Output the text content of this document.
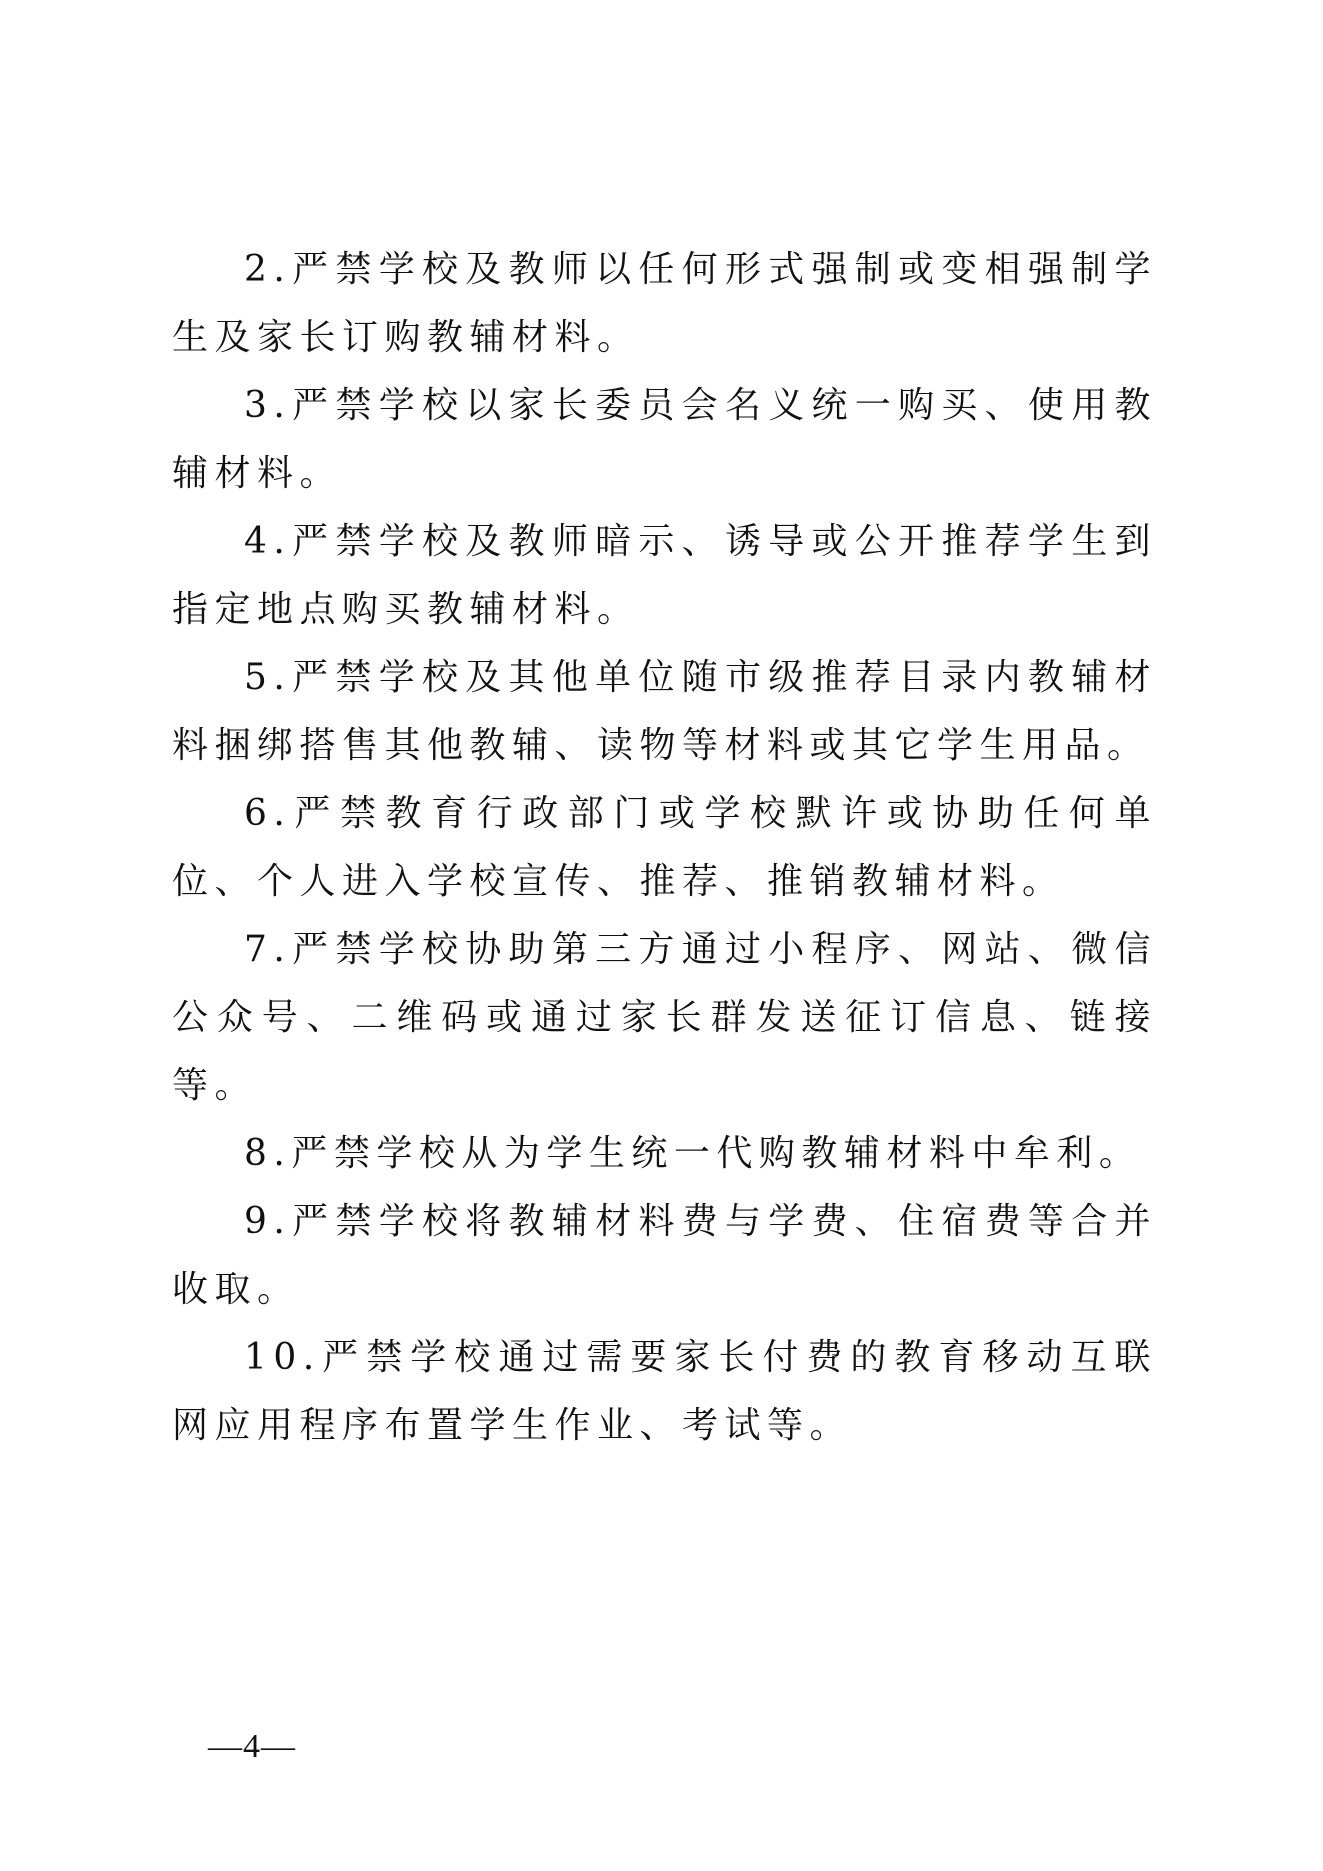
2.严禁学校及教师以任何形式强制或变相强制学生及家长订购教辅材料。

3.严禁学校以家长委员会名义统一购买、使用教辅材料。

4.严禁学校及教师暗示、诱导或公开推荐学生到指定地点购买教辅材料。

5.严禁学校及其他单位随市级推荐目录内教辅材料捆绑搭售其他教辅、读物等材料或其它学生用品。

6.严禁教育行政部门或学校默许或协助任何单位、个人进入学校宣传、推荐、推销教辅材料。

7.严禁学校协助第三方通过小程序、网站、微信公众号、二维码或通过家长群发送征订信息、链接等。

8.严禁学校从为学生统一代购教辅材料中牟利。

9.严禁学校将教辅材料费与学费、住宿费等合并收取。

10.严禁学校通过需要家长付费的教育移动互联网应用程序布置学生作业、考试等。

—4—
